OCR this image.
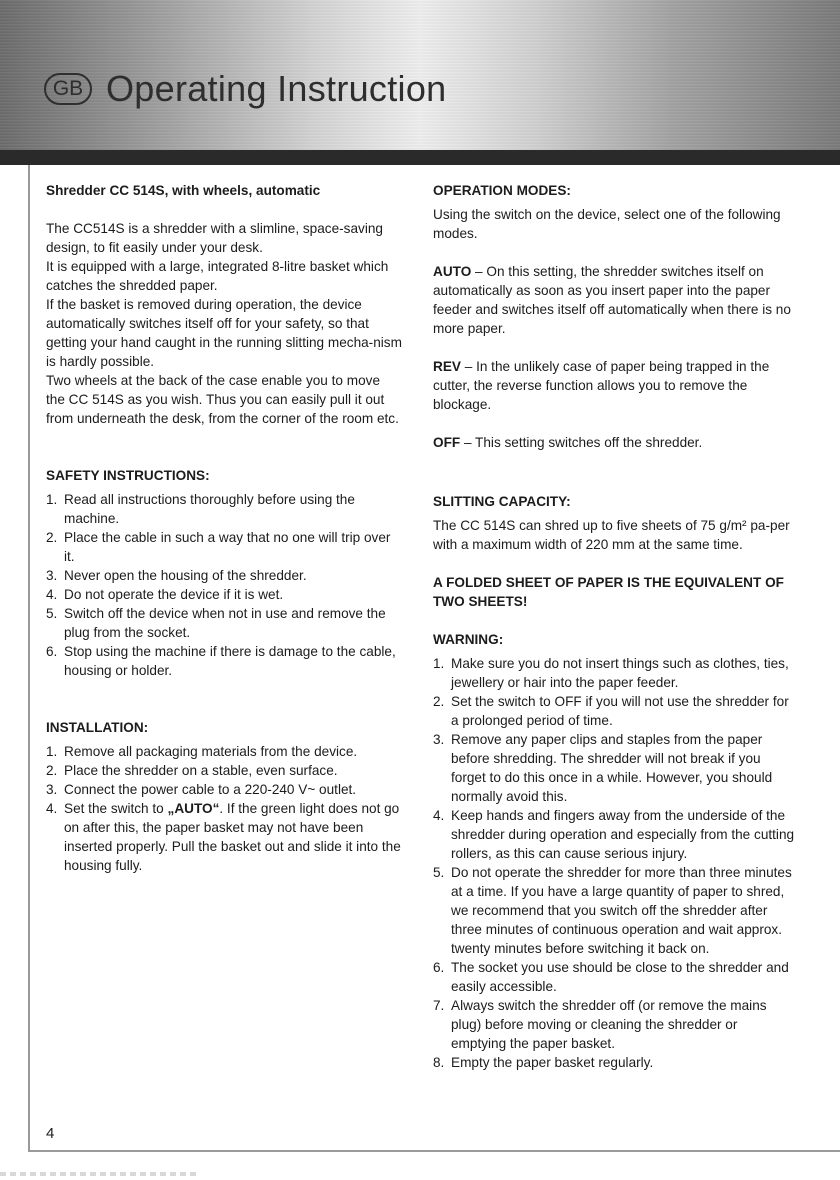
GB Operating Instruction

Shredder CC 514S, with wheels, automatic

The CC514S is a shredder with a slimline, space-saving design, to fit easily under your desk.

It is equipped with a large, integrated 8-litre basket which catches the shredded paper.

If the basket is removed during operation, the device automatically switches itself off for your safety, so that getting your hand caught in the running slitting mecha-nism is hardly possible.

Two wheels at the back of the case enable you to move the CC 514S as you wish. Thus you can easily pull it out from underneath the desk, from the corner of the room etc.

SAFETY INSTRUCTIONS:

1. Read all instructions thoroughly before using the machine.
2. Place the cable in such a way that no one will trip over it.
3. Never open the housing of the shredder.
4. Do not operate the device if it is wet.
5. Switch off the device when not in use and remove the plug from the socket.
6. Stop using the machine if there is damage to the cable, housing or holder.

INSTALLATION:

1. Remove all packaging materials from the device.
2. Place the shredder on a stable, even surface.
3. Connect the power cable to a 220-240 V~ outlet.
4. Set the switch to „AUTO“. If the green light does not go on after this, the paper basket may not have been inserted properly. Pull the basket out and slide it into the housing fully.

OPERATION MODES:

Using the switch on the device, select one of the following modes.

AUTO – On this setting, the shredder switches itself on automatically as soon as you insert paper into the paper feeder and switches itself off automatically when there is no more paper.

REV – In the unlikely case of paper being trapped in the cutter, the reverse function allows you to remove the blockage.

OFF – This setting switches off the shredder.

SLITTING CAPACITY:

The CC 514S can shred up to five sheets of 75 g/m² pa-per with a maximum width of 220 mm at the same time.

A FOLDED SHEET OF PAPER IS THE EQUIVALENT OF TWO SHEETS!

WARNING:

1. Make sure you do not insert things such as clothes, ties, jewellery or hair into the paper feeder.
2. Set the switch to OFF if you will not use the shredder for a prolonged period of time.
3. Remove any paper clips and staples from the paper before shredding. The shredder will not break if you forget to do this once in a while. However, you should normally avoid this.
4. Keep hands and fingers away from the underside of the shredder during operation and especially from the cutting rollers, as this can cause serious injury.
5. Do not operate the shredder for more than three minutes at a time. If you have a large quantity of paper to shred, we recommend that you switch off the shredder after three minutes of continuous operation and wait approx. twenty minutes before switching it back on.
6. The socket you use should be close to the shredder and easily accessible.
7. Always switch the shredder off (or remove the mains plug) before moving or cleaning the shredder or emptying the paper basket.
8. Empty the paper basket regularly.
4
